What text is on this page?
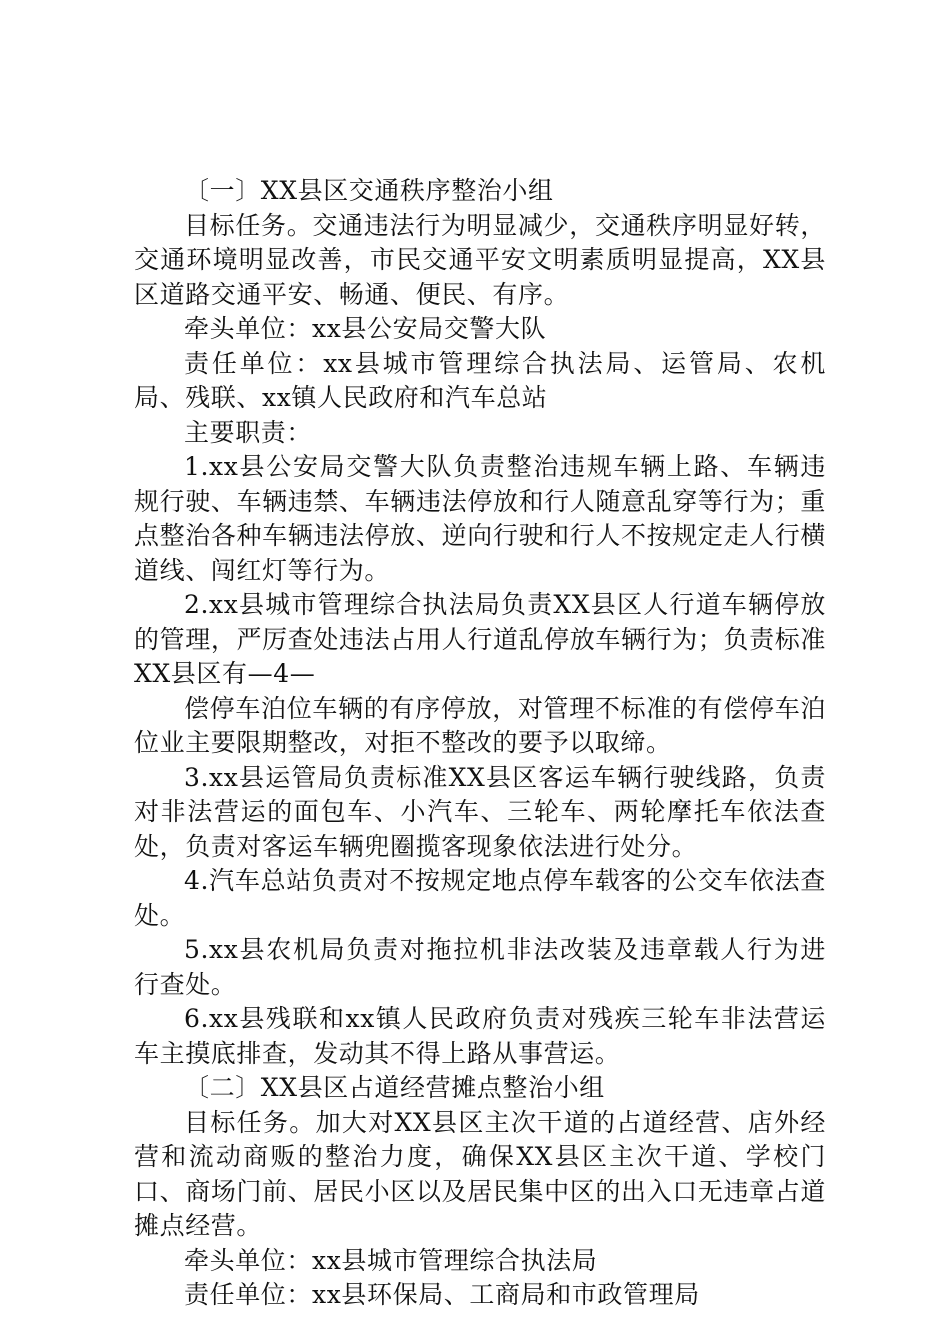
〔一〕XX县区交通秩序整治小组

目标任务。交通违法行为明显减少，交通秩序明显好转，交通环境明显改善，市民交通平安文明素质明显提高，XX县区道路交通平安、畅通、便民、有序。

牵头单位：xx县公安局交警大队

责任单位：xx县城市管理综合执法局、运管局、农机局、残联、xx镇人民政府和汽车总站

主要职责：

1.xx县公安局交警大队负责整治违规车辆上路、车辆违规行驶、车辆违禁、车辆违法停放和行人随意乱穿等行为；重点整治各种车辆违法停放、逆向行驶和行人不按规定走人行横道线、闯红灯等行为。

2.xx县城市管理综合执法局负责XX县区人行道车辆停放的管理，严厉查处违法占用人行道乱停放车辆行为；负责标准XX县区有—4—

偿停车泊位车辆的有序停放，对管理不标准的有偿停车泊位业主要限期整改，对拒不整改的要予以取缔。

3.xx县运管局负责标准XX县区客运车辆行驶线路，负责对非法营运的面包车、小汽车、三轮车、两轮摩托车依法查处，负责对客运车辆兜圈揽客现象依法进行处分。

4.汽车总站负责对不按规定地点停车载客的公交车依法查处。

5.xx县农机局负责对拖拉机非法改装及违章载人行为进行查处。

6.xx县残联和xx镇人民政府负责对残疾三轮车非法营运车主摸底排查，发动其不得上路从事营运。

〔二〕XX县区占道经营摊点整治小组

目标任务。加大对XX县区主次干道的占道经营、店外经营和流动商贩的整治力度，确保XX县区主次干道、学校门口、商场门前、居民小区以及居民集中区的出入口无违章占道摊点经营。

牵头单位：xx县城市管理综合执法局

责任单位：xx县环保局、工商局和市政管理局
